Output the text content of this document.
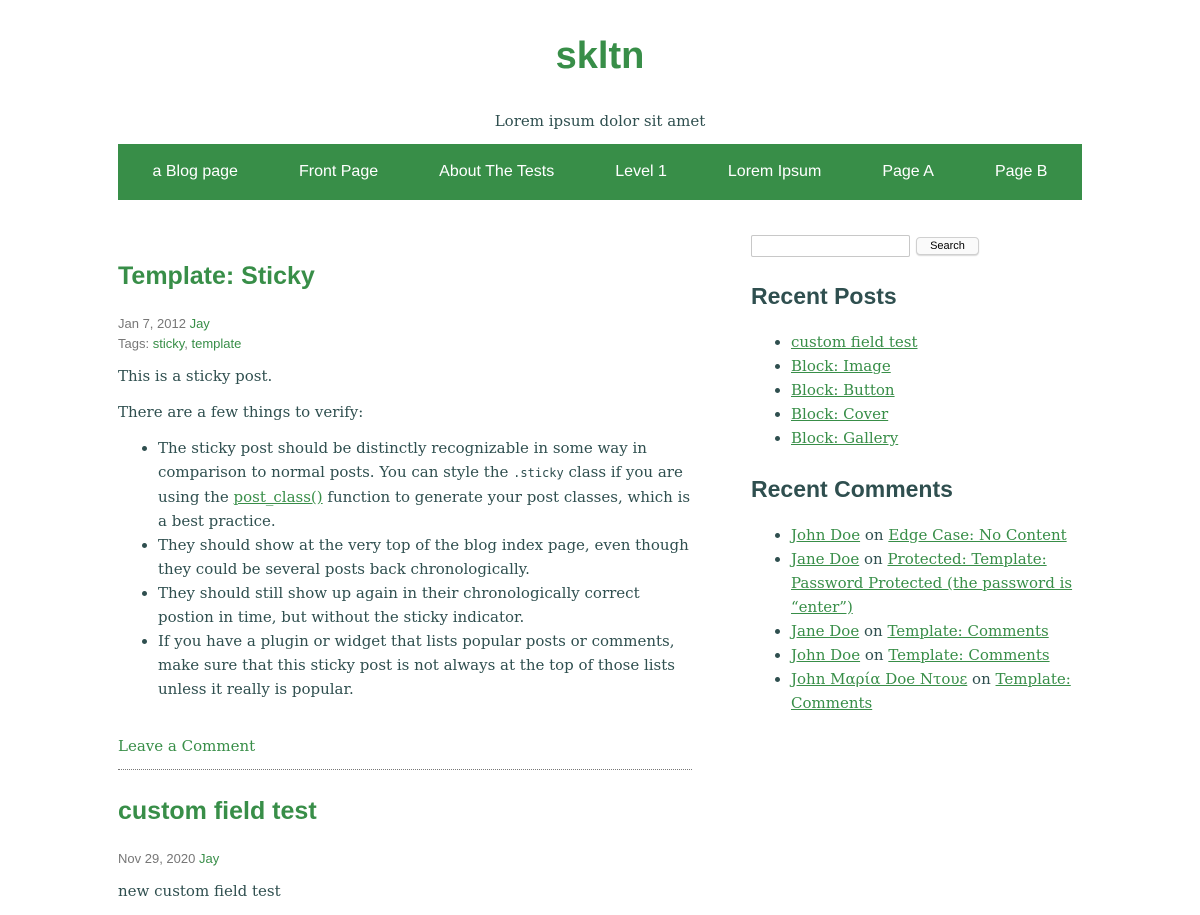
skltn
Lorem ipsum dolor sit amet
a Blog page	Front Page	About The Tests	Level 1	Lorem Ipsum	Page A	Page B
Template: Sticky
Jan 7, 2012 Jay
Tags: sticky, template

This is a sticky post.

There are a few things to verify:

• The sticky post should be distinctly recognizable in some way in comparison to normal posts. You can style the .sticky class if you are using the post_class() function to generate your post classes, which is a best practice.
• They should show at the very top of the blog index page, even though they could be several posts back chronologically.
• They should still show up again in their chronologically correct postion in time, but without the sticky indicator.
• If you have a plugin or widget that lists popular posts or comments, make sure that this sticky post is not always at the top of those lists unless it really is popular.
Leave a Comment
custom field test
Nov 29, 2020 Jay

new custom field test

Search
Recent Posts
• custom field test
• Block: Image
• Block: Button
• Block: Cover
• Block: Gallery
Recent Comments
• John Doe on Edge Case: No Content
• Jane Doe on Protected: Template: Password Protected (the password is “enter”)
• Jane Doe on Template: Comments
• John Doe on Template: Comments
• John Μαρία Doe Ντουε on Template: Comments
